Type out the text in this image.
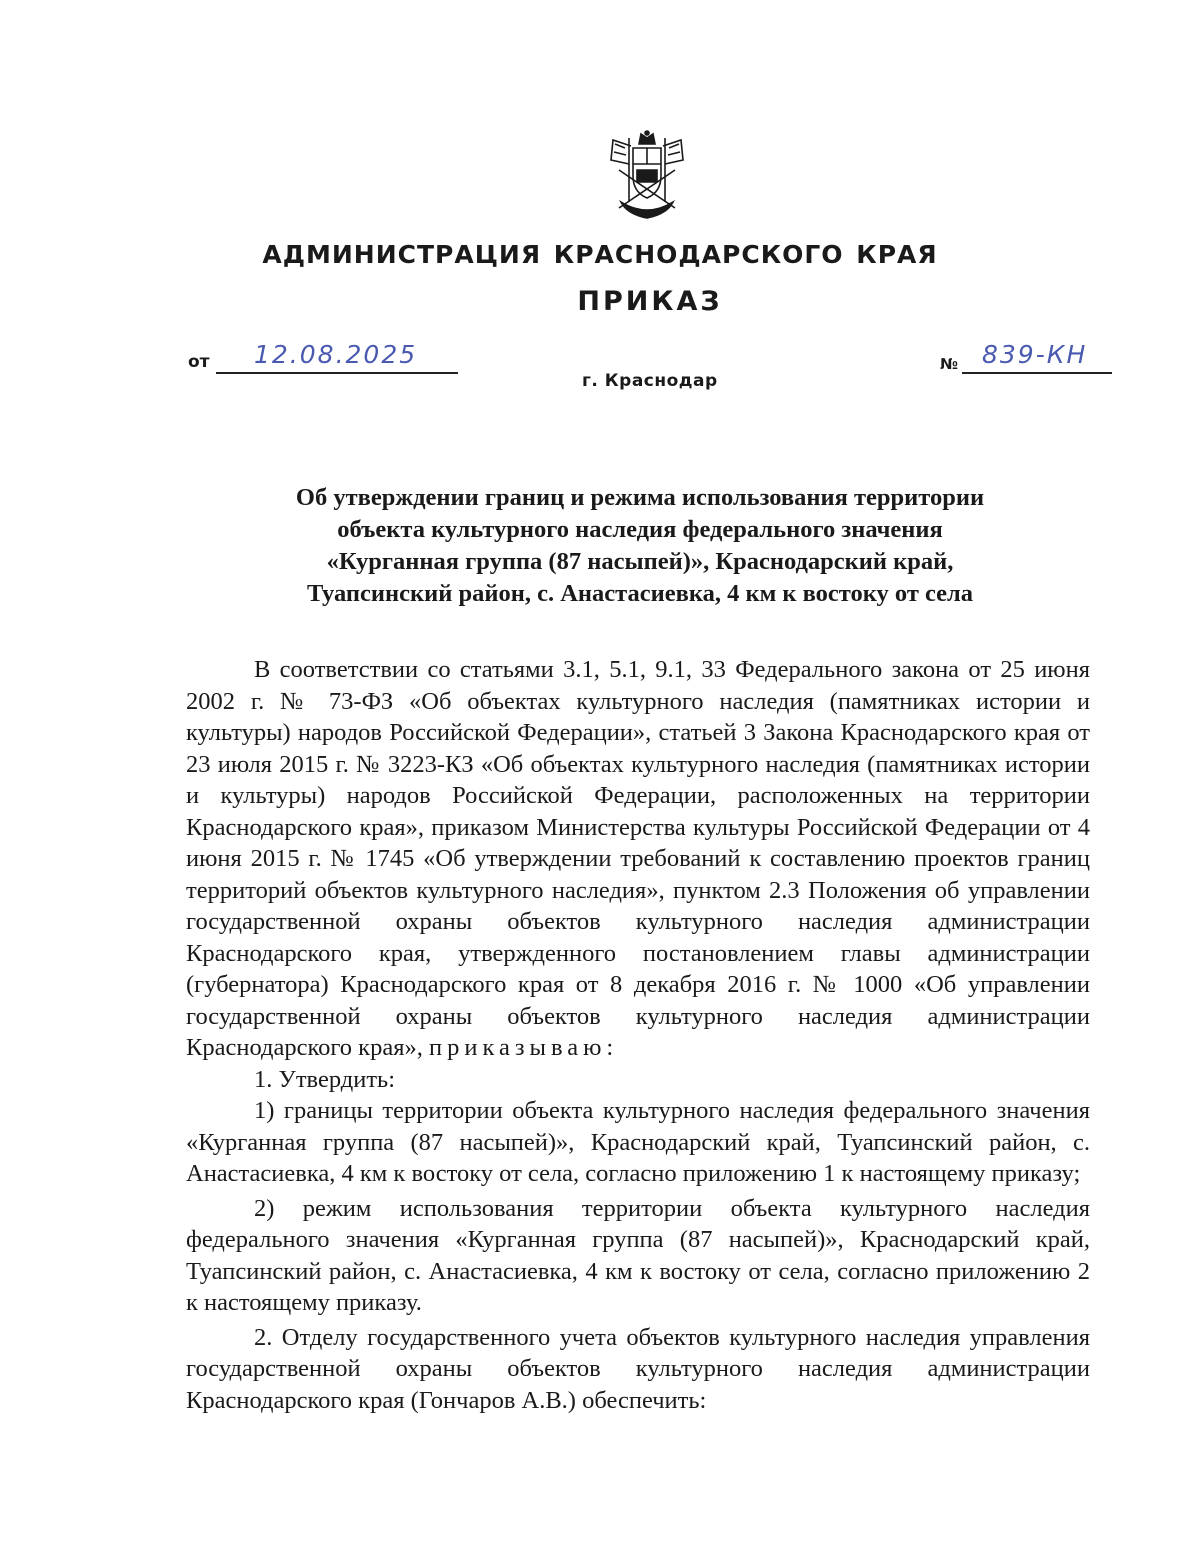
АДМИНИСТРАЦИЯ КРАСНОДАРСКОГО КРАЯ
ПРИКАЗ
от 12.08.2025	№ 839-КН
г. Краснодар
Об утверждении границ и режима использования территории
объекта культурного наследия федерального значения
«Курганная группа (87 насыпей)», Краснодарский край,
Туапсинский район, с. Анастасиевка, 4 км к востоку от села

В соответствии со статьями 3.1, 5.1, 9.1, 33 Федерального закона от 25 июня 2002 г. № 73-ФЗ «Об объектах культурного наследия (памятниках истории и культуры) народов Российской Федерации», статьей 3 Закона Краснодарского края от 23 июля 2015 г. № 3223-КЗ «Об объектах культурного наследия (памятниках истории и культуры) народов Российской Федерации, расположенных на территории Краснодарского края», приказом Министерства культуры Российской Федерации от 4 июня 2015 г. № 1745 «Об утверждении требований к составлению проектов границ территорий объектов культурного наследия», пунктом 2.3 Положения об управлении государственной охраны объектов культурного наследия администрации Краснодарского края, утвержденного постановлением главы администрации (губернатора) Краснодарского края от 8 декабря 2016 г. № 1000 «Об управлении государственной охраны объектов культурного наследия администрации Краснодарского края», приказываю:

1. Утвердить:

1) границы территории объекта культурного наследия федерального значения «Курганная группа (87 насыпей)», Краснодарский край, Туапсинский район, с. Анастасиевка, 4 км к востоку от села, согласно приложению 1 к настоящему приказу;

2) режим использования территории объекта культурного наследия федерального значения «Курганная группа (87 насыпей)», Краснодарский край, Туапсинский район, с. Анастасиевка, 4 км к востоку от села, согласно приложению 2 к настоящему приказу.

2. Отделу государственного учета объектов культурного наследия управления государственной охраны объектов культурного наследия администрации Краснодарского края (Гончаров А.В.) обеспечить:
